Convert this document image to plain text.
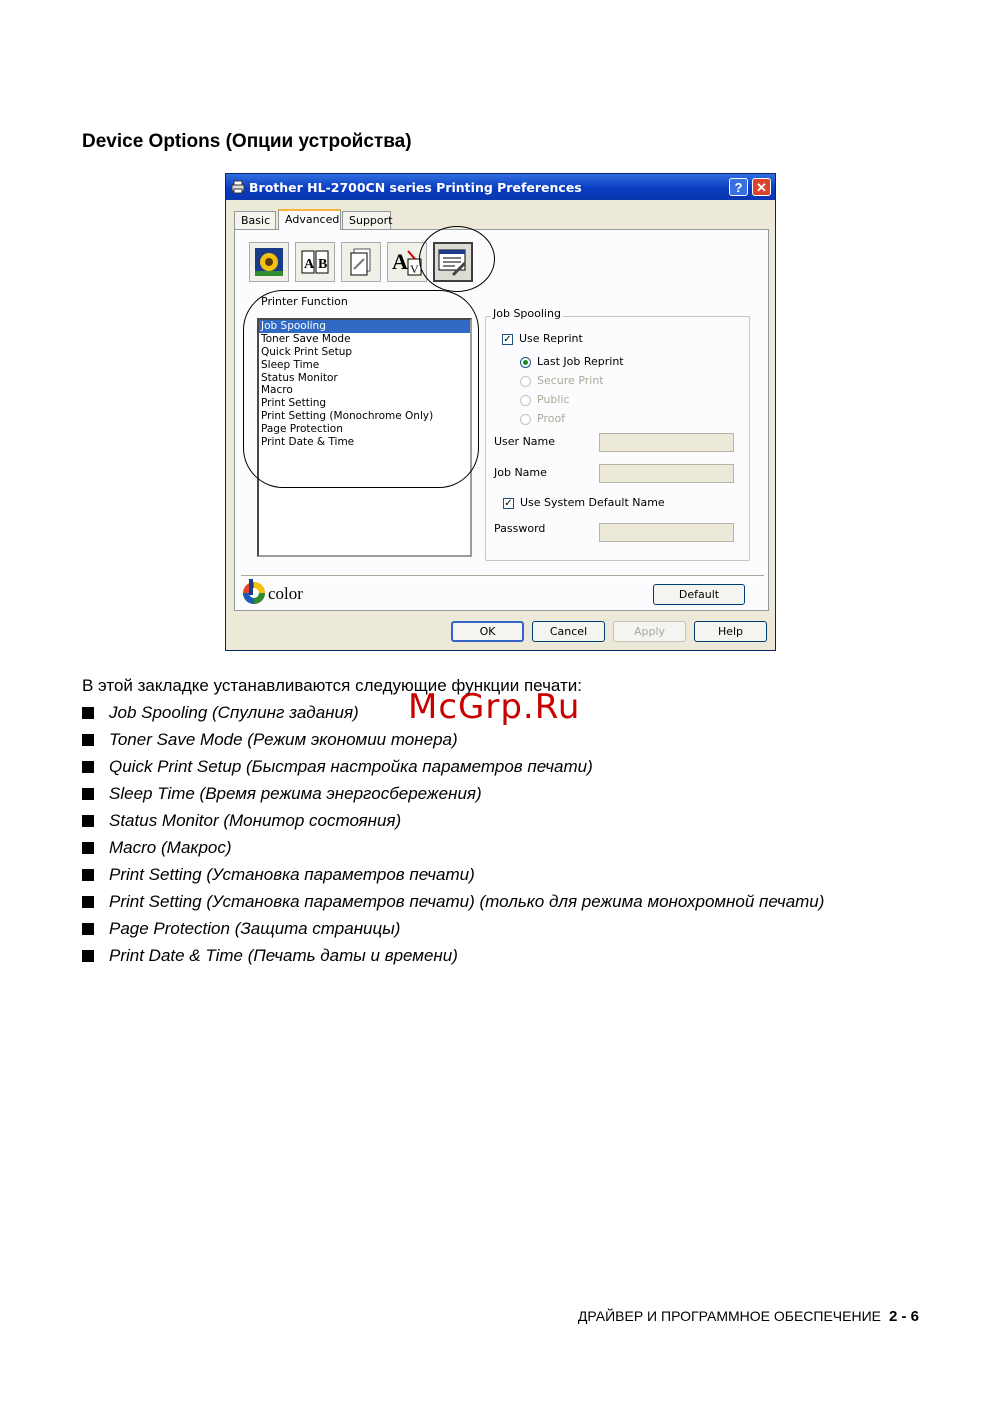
Device Options (Опции устройства)
Brother HL-2700CN series Printing Preferences	?	✕
Basic	Advanced Support
A B	A V
Printer Function
Job Spooling
Toner Save Mode
Quick Print Setup
Sleep Time
Status Monitor
Macro
Print Setting
Print Setting (Monochrome Only)
Page Protection
Print Date & Time
Job Spooling
✓ Use Reprint
Last Job Reprint
Secure Print
Public
Proof
User Name
Job Name
✓ Use System Default Name
Password
Default
OK	Cancel	Apply	Help
color
В этой закладке устанавливаются следующие функции печати:
Job Spooling (Спулинг задания)
Toner Save Mode (Режим экономии тонера)
Quick Print Setup (Быстрая настройка параметров печати)
Sleep Time (Время режима энергосбережения)
Status Monitor (Монитор состояния)
Macro (Макрос)
Print Setting (Установка параметров печати)
Print Setting (Установка параметров печати) (только для режима монохромной печати)
Page Protection (Защита страницы)
Print Date & Time (Печать даты и времени)
McGrp.Ru
ДРАЙВЕР И ПРОГРАММНОЕ ОБЕСПЕЧЕНИЕ 2 - 6
